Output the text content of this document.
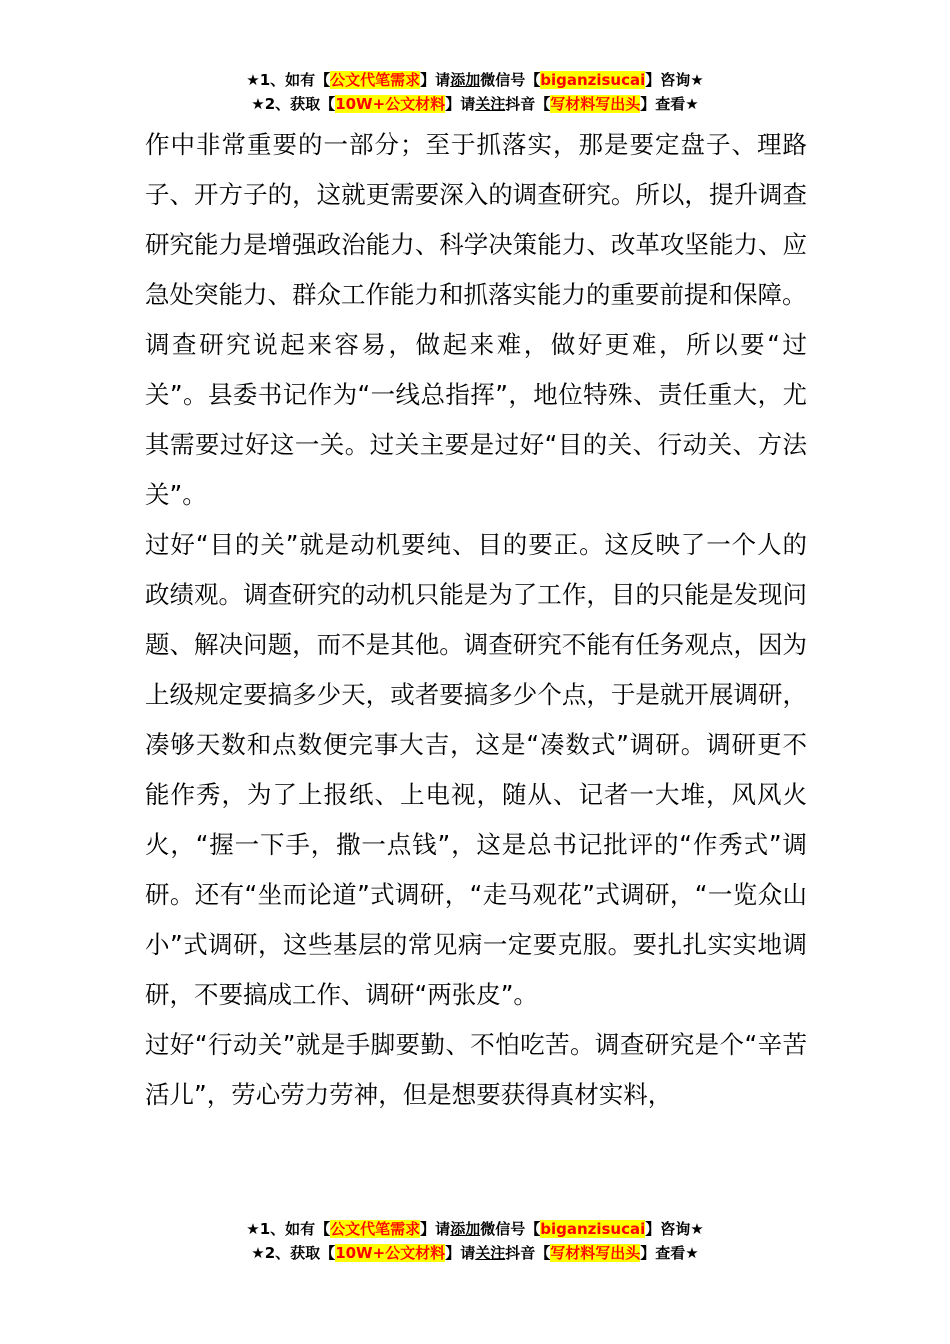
★1、如有【公文代笔需求】请添加微信号【biganzisucai】咨询★
★2、获取【10W+公文材料】请关注抖音【写材料写出头】查看★

作中非常重要的一部分；至于抓落实，那是要定盘子、理路子、开方子的，这就更需要深入的调查研究。所以，提升调查研究能力是增强政治能力、科学决策能力、改革攻坚能力、应急处突能力、群众工作能力和抓落实能力的重要前提和保障。

调查研究说起来容易，做起来难，做好更难，所以要“过关”。县委书记作为“一线总指挥”，地位特殊、责任重大，尤其需要过好这一关。过关主要是过好“目的关、行动关、方法关”。

过好“目的关”就是动机要纯、目的要正。这反映了一个人的政绩观。调查研究的动机只能是为了工作，目的只能是发现问题、解决问题，而不是其他。调查研究不能有任务观点，因为上级规定要搞多少天，或者要搞多少个点，于是就开展调研，凑够天数和点数便完事大吉，这是“凑数式”调研。调研更不能作秀，为了上报纸、上电视，随从、记者一大堆，风风火火，“握一下手，撒一点钱”，这是总书记批评的“作秀式”调研。还有“坐而论道”式调研，“走马观花”式调研，“一览众山小”式调研，这些基层的常见病一定要克服。要扎扎实实地调研，不要搞成工作、调研“两张皮”。

过好“行动关”就是手脚要勤、不怕吃苦。调查研究是个“辛苦活儿”，劳心劳力劳神，但是想要获得真材实料，

★1、如有【公文代笔需求】请添加微信号【biganzisucai】咨询★
★2、获取【10W+公文材料】请关注抖音【写材料写出头】查看★
